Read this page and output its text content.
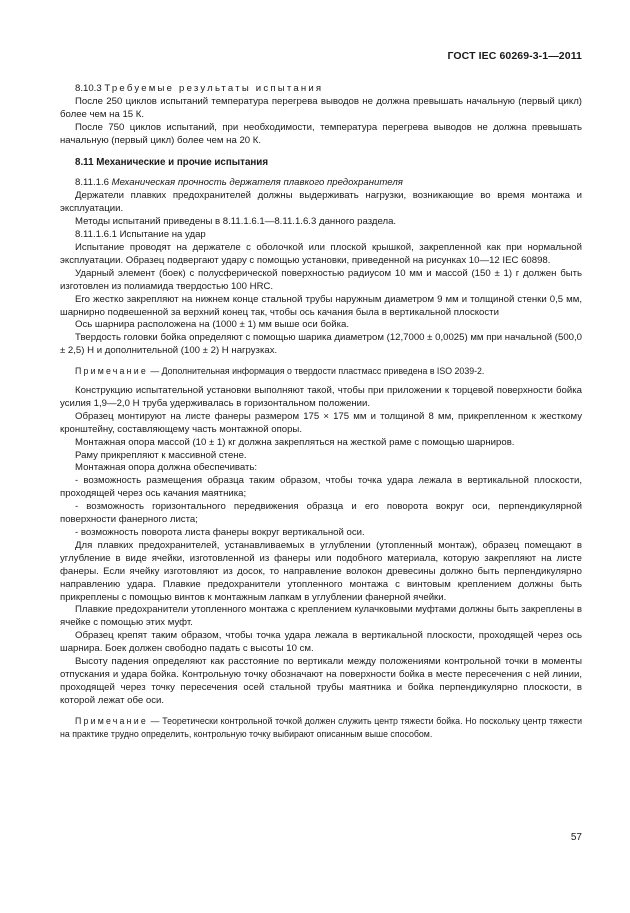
ГОСТ IEC 60269-3-1—2011

8.10.3 Требуемые результаты испытания

После 250 циклов испытаний температура перегрева выводов не должна превышать начальную (первый цикл) более чем на 15 К.

После 750 циклов испытаний, при необходимости, температура перегрева выводов не должна превышать начальную (первый цикл) более чем на 20 К.

8.11 Механические и прочие испытания

8.11.1.6 Механическая прочность держателя плавкого предохранителя

Держатели плавких предохранителей должны выдерживать нагрузки, возникающие во время монтажа и эксплуатации.

Методы испытаний приведены в 8.11.1.6.1—8.11.1.6.3 данного раздела.

8.11.1.6.1 Испытание на удар

Испытание проводят на держателе с оболочкой или плоской крышкой, закрепленной как при нормальной эксплуатации. Образец подвергают удару с помощью установки, приведенной на рисунках 10—12 IEC 60898.

Ударный элемент (боек) с полусферической поверхностью радиусом 10 мм и массой (150 ± 1) г должен быть изготовлен из полиамида твердостью 100 HRC.

Его жестко закрепляют на нижнем конце стальной трубы наружным диаметром 9 мм и толщиной стенки 0,5 мм, шарнирно подвешенной за верхний конец так, чтобы ось качания была в вертикальной плоскости

Ось шарнира расположена на (1000 ± 1) мм выше оси бойка.

Твердость головки бойка определяют с помощью шарика диаметром (12,7000 ± 0,0025) мм при начальной (500,0 ± 2,5) Н и дополнительной (100 ± 2) Н нагрузках.

Примечание — Дополнительная информация о твердости пластмасс приведена в ISO 2039-2.

Конструкцию испытательной установки выполняют такой, чтобы при приложении к торцевой поверхности бойка усилия 1,9—2,0 Н труба удерживалась в горизонтальном положении.

Образец монтируют на листе фанеры размером 175 × 175 мм и толщиной 8 мм, прикрепленном к жесткому кронштейну, составляющему часть монтажной опоры.

Монтажная опора массой (10 ± 1) кг должна закрепляться на жесткой раме с помощью шарниров.

Раму прикрепляют к массивной стене.

Монтажная опора должна обеспечивать:

- возможность размещения образца таким образом, чтобы точка удара лежала в вертикальной плоскости, проходящей через ось качания маятника;

- возможность горизонтального передвижения образца и его поворота вокруг оси, перпендикулярной поверхности фанерного листа;

- возможность поворота листа фанеры вокруг вертикальной оси.

Для плавких предохранителей, устанавливаемых в углублении (утопленный монтаж), образец помещают в углубление в виде ячейки, изготовленной из фанеры или подобного материала, которую закрепляют на листе фанеры. Если ячейку изготовляют из досок, то направление волокон древесины должно быть перпендикулярно направлению удара. Плавкие предохранители утопленного монтажа с винтовым креплением должны быть прикреплены с помощью винтов к монтажным лапкам в углублении фанерной ячейки.

Плавкие предохранители утопленного монтажа с креплением кулачковыми муфтами должны быть закреплены в ячейке с помощью этих муфт.

Образец крепят таким образом, чтобы точка удара лежала в вертикальной плоскости, проходящей через ось шарнира. Боек должен свободно падать с высоты 10 см.

Высоту падения определяют как расстояние по вертикали между положениями контрольной точки в моменты отпускания и удара бойка. Контрольную точку обозначают на поверхности бойка в месте пересечения с ней линии, проходящей через точку пересечения осей стальной трубы маятника и бойка перпендикулярно плоскости, в которой лежат обе оси.

Примечание — Теоретически контрольной точкой должен служить центр тяжести бойка. Но поскольку центр тяжести на практике трудно определить, контрольную точку выбирают описанным выше способом.

57
